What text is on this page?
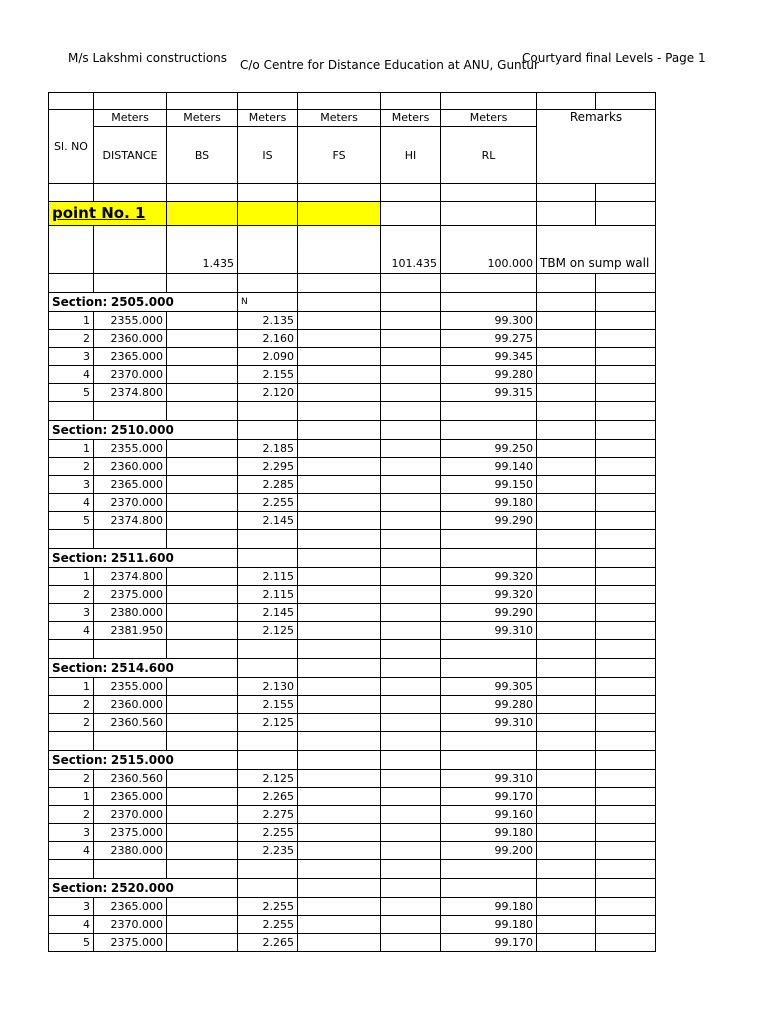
M/s Lakshmi constructions C/o Centre for Distance Education at ANU, Guntur
Courtyard final Levels - Page 1

Sl. NO	Meters	Meters	Meters	Meters	Meters	Meters	Remarks	
	DISTANCE	BS	IS	FS	HI	RL		

point No. 1								
		1.435			101.435	100.000	TBM on sump wall	

Section: 2505.000			N					
1	2355.000		2.135			99.300		
2	2360.000		2.160			99.275		
3	2365.000		2.090			99.345		
4	2370.000		2.155			99.280		
5	2374.800		2.120			99.315		

Section: 2510.000								
1	2355.000		2.185			99.250		
2	2360.000		2.295			99.140		
3	2365.000		2.285			99.150		
4	2370.000		2.255			99.180		
5	2374.800		2.145			99.290		

Section: 2511.600								
1	2374.800		2.115			99.320		
2	2375.000		2.115			99.320		
3	2380.000		2.145			99.290		
4	2381.950		2.125			99.310		

Section: 2514.600								
1	2355.000		2.130			99.305		
2	2360.000		2.155			99.280		
2	2360.560		2.125			99.310		

Section: 2515.000								
2	2360.560		2.125			99.310		
1	2365.000		2.265			99.170		
2	2370.000		2.275			99.160		
3	2375.000		2.255			99.180		
4	2380.000		2.235			99.200		

Section: 2520.000								
3	2365.000		2.255			99.180		
4	2370.000		2.255			99.180		
5	2375.000		2.265			99.170		
